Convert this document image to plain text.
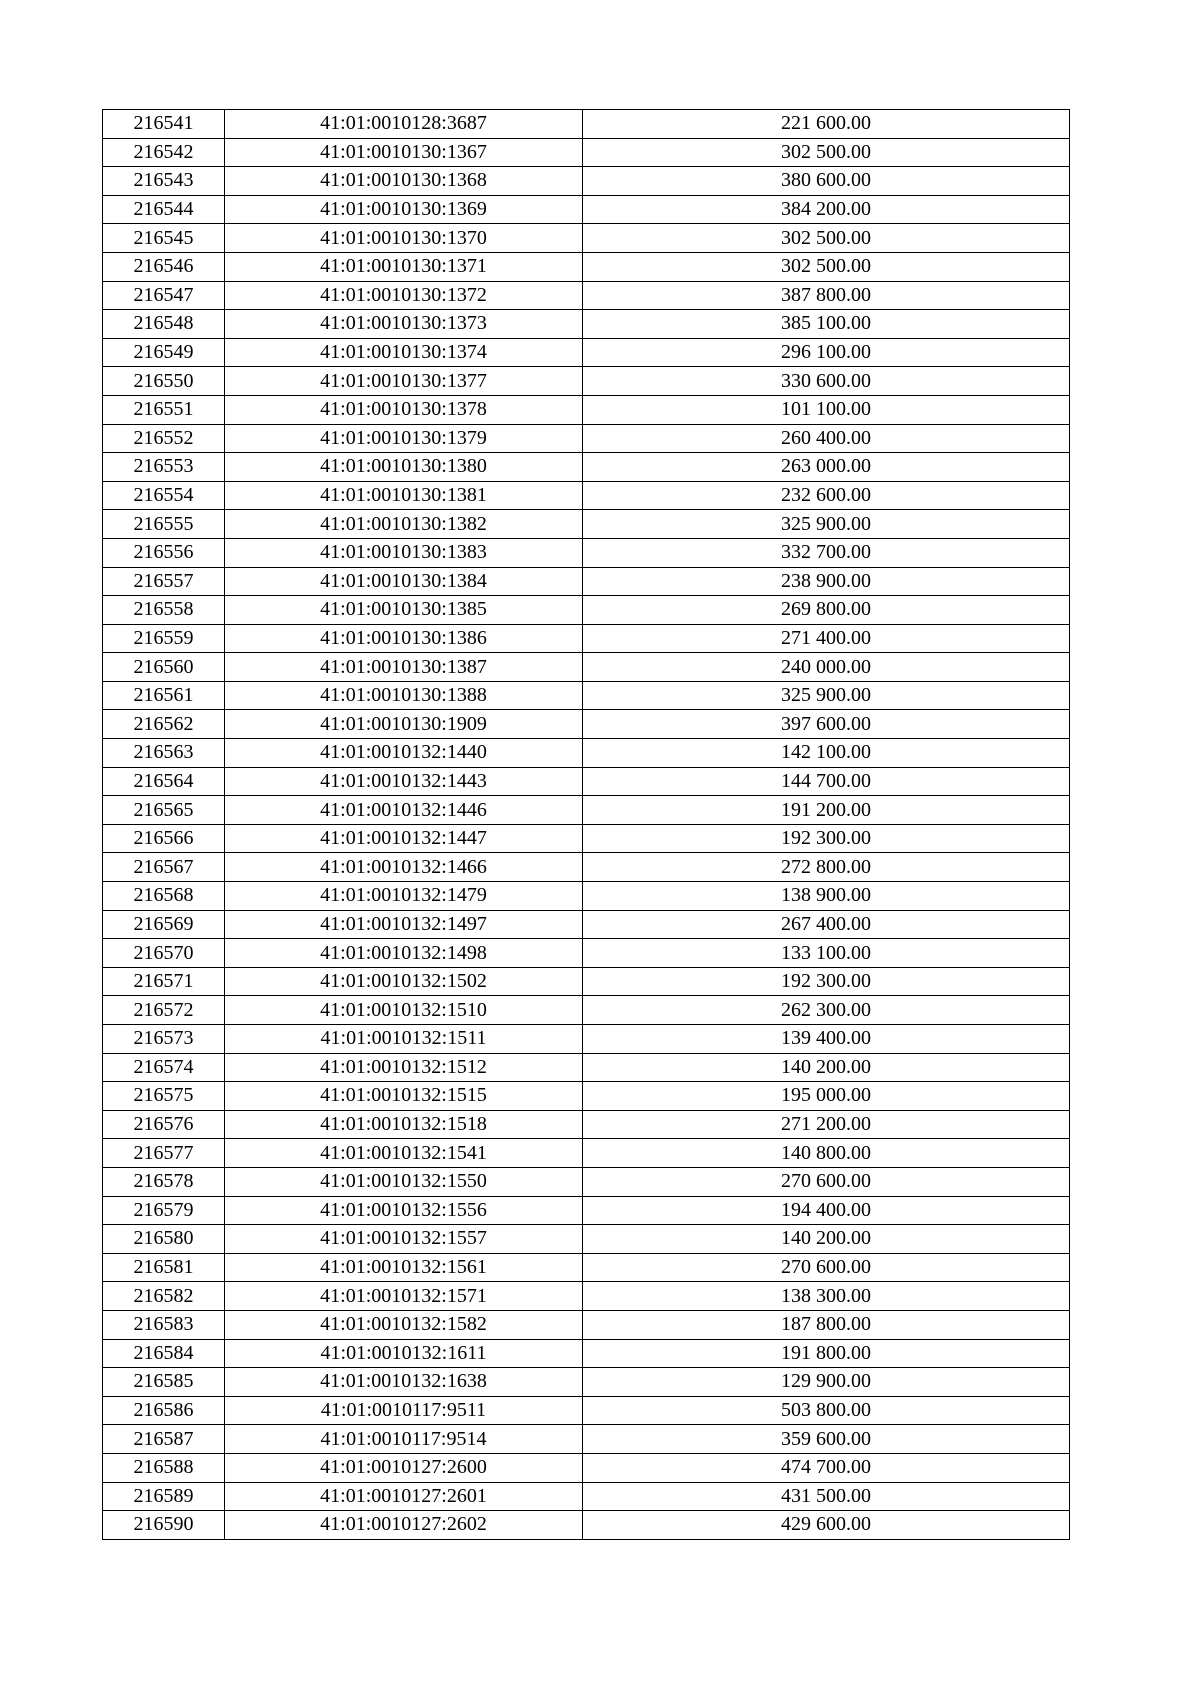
216541	41:01:0010128:3687	221 600.00
216542	41:01:0010130:1367	302 500.00
216543	41:01:0010130:1368	380 600.00
216544	41:01:0010130:1369	384 200.00
216545	41:01:0010130:1370	302 500.00
216546	41:01:0010130:1371	302 500.00
216547	41:01:0010130:1372	387 800.00
216548	41:01:0010130:1373	385 100.00
216549	41:01:0010130:1374	296 100.00
216550	41:01:0010130:1377	330 600.00
216551	41:01:0010130:1378	101 100.00
216552	41:01:0010130:1379	260 400.00
216553	41:01:0010130:1380	263 000.00
216554	41:01:0010130:1381	232 600.00
216555	41:01:0010130:1382	325 900.00
216556	41:01:0010130:1383	332 700.00
216557	41:01:0010130:1384	238 900.00
216558	41:01:0010130:1385	269 800.00
216559	41:01:0010130:1386	271 400.00
216560	41:01:0010130:1387	240 000.00
216561	41:01:0010130:1388	325 900.00
216562	41:01:0010130:1909	397 600.00
216563	41:01:0010132:1440	142 100.00
216564	41:01:0010132:1443	144 700.00
216565	41:01:0010132:1446	191 200.00
216566	41:01:0010132:1447	192 300.00
216567	41:01:0010132:1466	272 800.00
216568	41:01:0010132:1479	138 900.00
216569	41:01:0010132:1497	267 400.00
216570	41:01:0010132:1498	133 100.00
216571	41:01:0010132:1502	192 300.00
216572	41:01:0010132:1510	262 300.00
216573	41:01:0010132:1511	139 400.00
216574	41:01:0010132:1512	140 200.00
216575	41:01:0010132:1515	195 000.00
216576	41:01:0010132:1518	271 200.00
216577	41:01:0010132:1541	140 800.00
216578	41:01:0010132:1550	270 600.00
216579	41:01:0010132:1556	194 400.00
216580	41:01:0010132:1557	140 200.00
216581	41:01:0010132:1561	270 600.00
216582	41:01:0010132:1571	138 300.00
216583	41:01:0010132:1582	187 800.00
216584	41:01:0010132:1611	191 800.00
216585	41:01:0010132:1638	129 900.00
216586	41:01:0010117:9511	503 800.00
216587	41:01:0010117:9514	359 600.00
216588	41:01:0010127:2600	474 700.00
216589	41:01:0010127:2601	431 500.00
216590	41:01:0010127:2602	429 600.00
